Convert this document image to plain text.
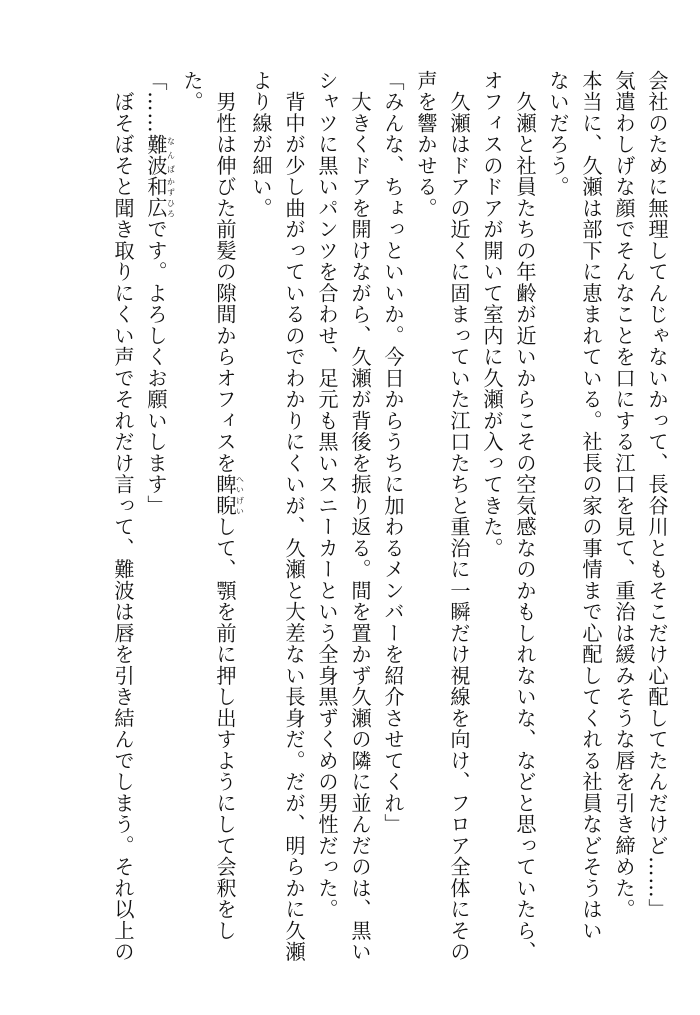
会社のために無理してんじゃないかって、長谷川ともそこだけ心配してたんだけど……」
気遣わしげな顔でそんなことを口にする江口を見て、重治は緩みそうな唇を引き締めた。
本当に、久瀬は部下に恵まれている。社長の家の事情まで心配してくれる社員などそうはい
ないだろう。
　久瀬と社員たちの年齢が近いからこその空気感なのかもしれないな、などと思っていたら、
オフィスのドアが開いて室内に久瀬が入ってきた。
　久瀬はドアの近くに固まっていた江口たちと重治に一瞬だけ視線を向け、フロア全体にその
声を響かせる。
「みんな、ちょっといいか。今日からうちに加わるメンバーを紹介させてくれ」
　大きくドアを開けながら、久瀬が背後を振り返る。間を置かず久瀬の隣に並んだのは、黒い
シャツに黒いパンツを合わせ、足元も黒いスニーカーという全身黒ずくめの男性だった。
　背中が少し曲がっているのでわかりにくいが、久瀬と大差ない長身だ。だが、明らかに久瀬
より線が細い。
　男性は伸びた前髪の隙間からオフィスを睥睨へいげいして、顎を前に押し出すようにして会釈をし
た。
「……難波なんば和広かずひろです。よろしくお願いします」
　ぼそぼそと聞き取りにくい声でそれだけ言って、難波は唇を引き結んでしまう。それ以上の
